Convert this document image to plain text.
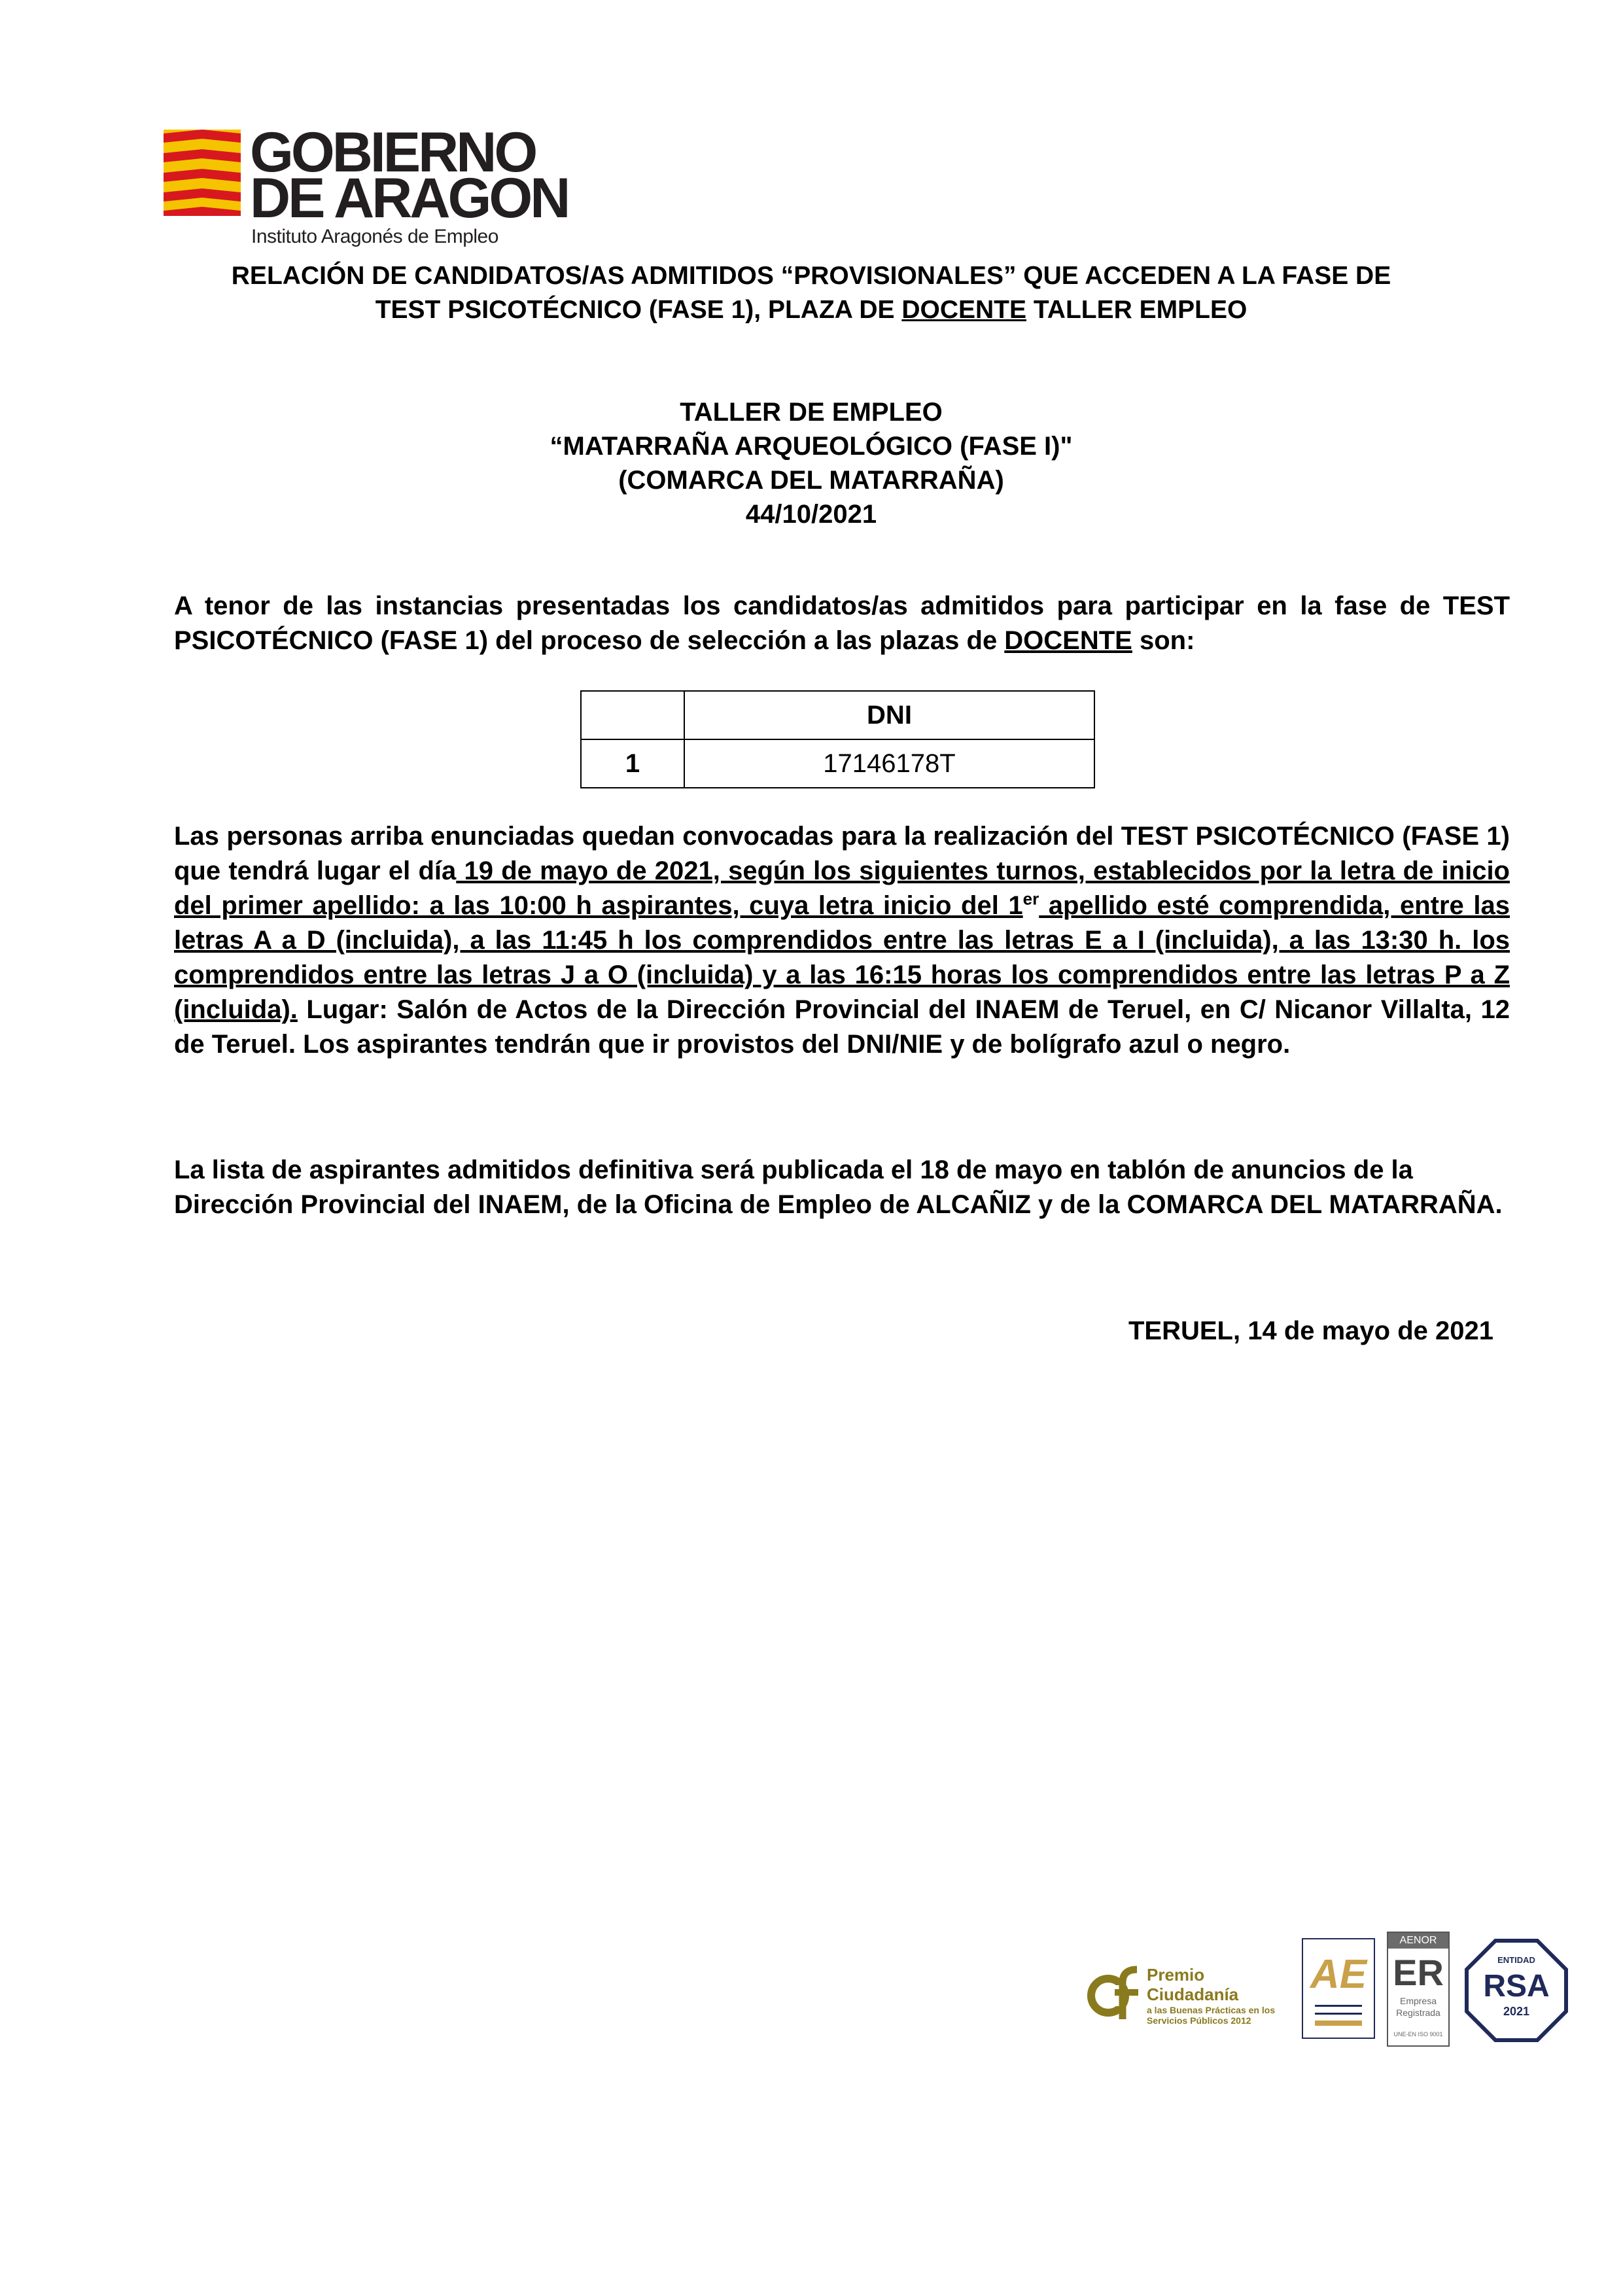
GOBIERNO
DE ARAGON
Instituto Aragonés de Empleo
RELACIÓN DE CANDIDATOS/AS ADMITIDOS “PROVISIONALES” QUE ACCEDEN A LA FASE DE
TEST PSICOTÉCNICO (FASE 1), PLAZA DE DOCENTE TALLER EMPLEO
TALLER DE EMPLEO
“MATARRAÑA ARQUEOLÓGICO (FASE I)"
(COMARCA DEL MATARRAÑA)
44/10/2021
A tenor de las instancias presentadas los candidatos/as admitidos para participar en la fase de TEST PSICOTÉCNICO (FASE 1) del proceso de selección a las plazas de DOCENTE son:
	DNI
1	17146178T
Las personas arriba enunciadas quedan convocadas para la realización del TEST PSICOTÉCNICO (FASE 1) que tendrá lugar el día 19 de mayo de 2021, según los siguientes turnos, establecidos por la letra de inicio del primer apellido: a las 10:00 h aspirantes, cuya letra inicio del 1er apellido esté comprendida, entre las letras A a D (incluida), a las 11:45 h los comprendidos entre las letras E a I (incluida), a las 13:30 h. los comprendidos entre las letras J a O (incluida) y a las 16:15 horas los comprendidos entre las letras P a Z (incluida). Lugar: Salón de Actos de la Dirección Provincial del INAEM de Teruel, en C/ Nicanor Villalta, 12 de Teruel. Los aspirantes tendrán que ir provistos del DNI/NIE y de bolígrafo azul o negro.
La lista de aspirantes admitidos definitiva será publicada el 18 de mayo en tablón de anuncios de la Dirección Provincial del INAEM, de la Oficina de Empleo de ALCAÑIZ y de la COMARCA DEL MATARRAÑA.
TERUEL, 14 de mayo de 2021
Premio Ciudadanía
a las Buenas Prácticas en los
Servicios Públicos 2012
AE
AENOR
ER
Empresa
Registrada
UNE-EN ISO 9001
ENTIDAD
RSA
2021
